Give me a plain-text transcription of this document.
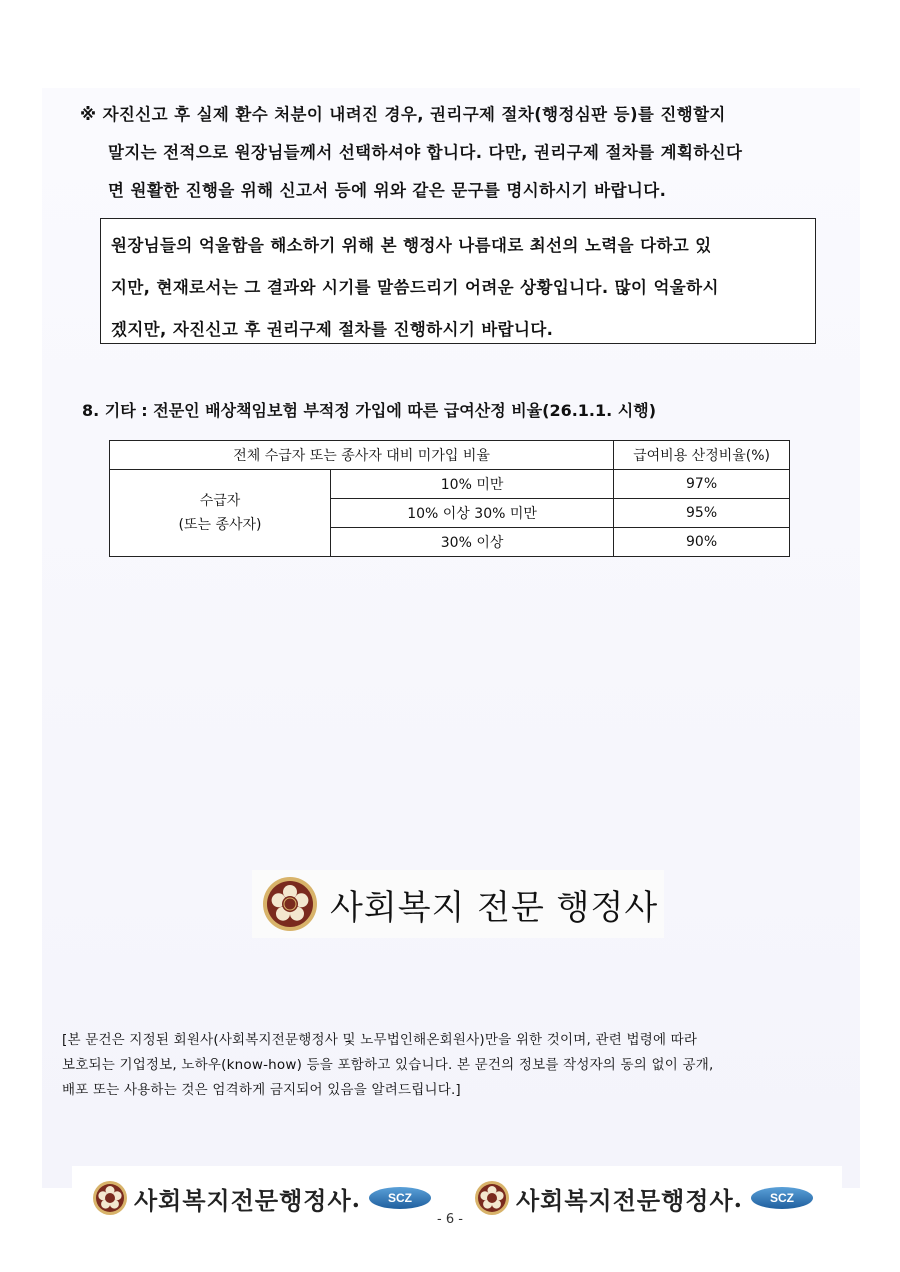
※ 자진신고 후 실제 환수 처분이 내려진 경우, 권리구제 절차(행정심판 등)를 진행할지
말지는 전적으로 원장님들께서 선택하셔야 합니다. 다만, 권리구제 절차를 계획하신다
면 원활한 진행을 위해 신고서 등에 위와 같은 문구를 명시하시기 바랍니다.
원장님들의 억울함을 해소하기 위해 본 행정사 나름대로 최선의 노력을 다하고 있
지만, 현재로서는 그 결과와 시기를 말씀드리기 어려운 상황입니다. 많이 억울하시
겠지만, 자진신고 후 권리구제 절차를 진행하시기 바랍니다.
8. 기타 : 전문인 배상책임보험 부적정 가입에 따른 급여산정 비율(26.1.1. 시행)
전체 수급자 또는 종사자 대비 미가입 비율		급여비용 산정비율(%)

수급자
(또는 종사자)	10% 미만	97%
	10% 이상 30% 미만	95%
	30% 이상	90%
사회복지 전문 행정사
[본 문건은 지정된 회원사(사회복지전문행정사 및 노무법인해온회원사)만을 위한 것이며, 관련 법령에 따라
보호되는 기업정보, 노하우(know-how) 등을 포함하고 있습니다. 본 문건의 정보를 작성자의 동의 없이 공개,
배포 또는 사용하는 것은 엄격하게 금지되어 있음을 알려드립니다.]
사회복지전문행정사 .	SCZ	사회복지전문행정사 .	SCZ
- 6 -
